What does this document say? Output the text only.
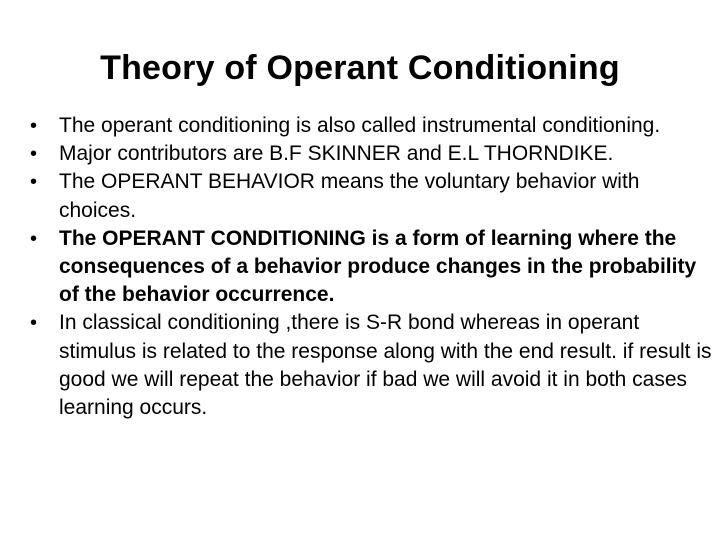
Theory of Operant Conditioning
•	The operant conditioning is also called instrumental conditioning.
•	Major contributors are B.F SKINNER and E.L THORNDIKE.
•	The OPERANT BEHAVIOR means the voluntary behavior with choices.
•	The OPERANT CONDITIONING is a form of learning where the consequences of a behavior produce changes in the probability of the behavior occurrence.
•	In classical conditioning ,there is S-R bond whereas in operant stimulus is related to the response along with the end result. if result is good we will repeat the behavior if bad we will avoid it in both cases learning occurs.
